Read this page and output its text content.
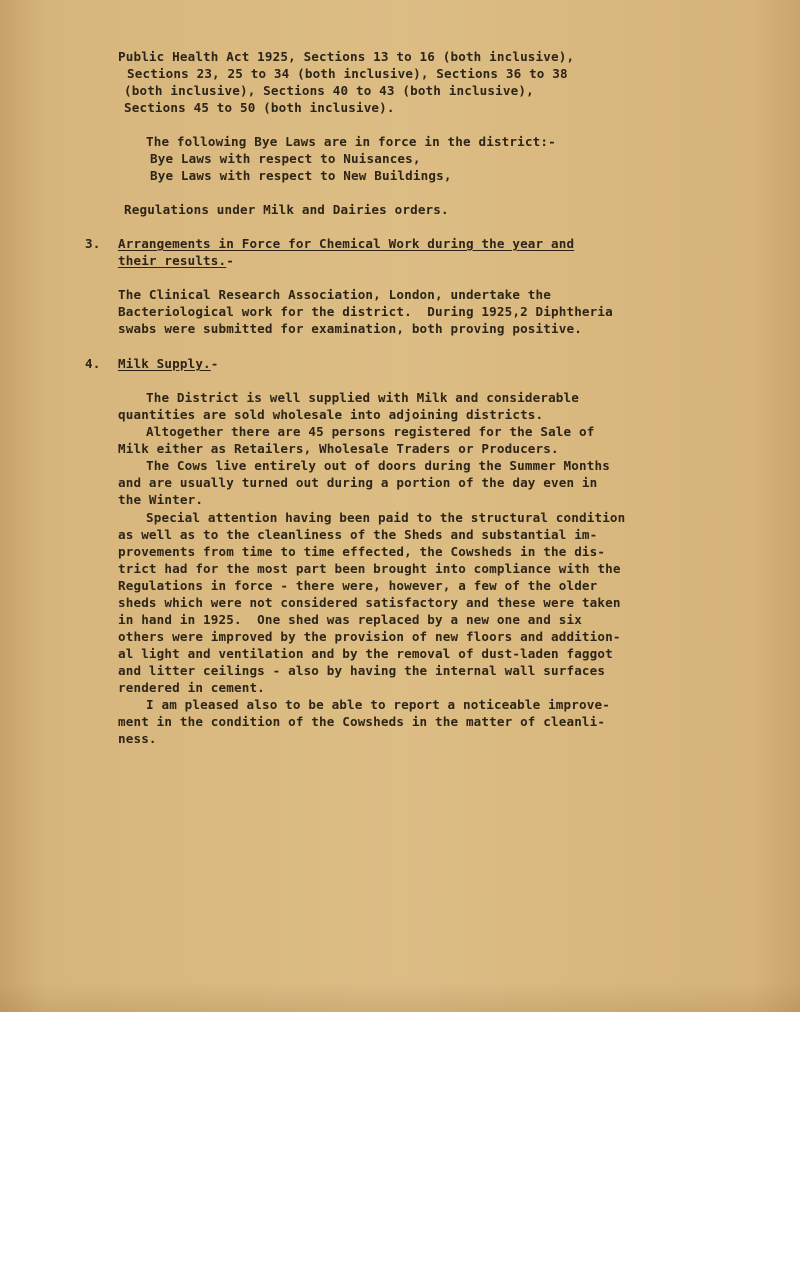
Public Health Act 1925, Sections 13 to 16 (both inclusive),

Sections 23, 25 to 34 (both inclusive), Sections 36 to 38

(both inclusive), Sections 40 to 43 (both inclusive),

Sections 45 to 50 (both inclusive).

The following Bye Laws are in force in the district:-

Bye Laws with respect to Nuisances,

Bye Laws with respect to New Buildings,

Regulations under Milk and Dairies orders.

3.

Arrangements in Force for Chemical Work during the year and

their results.-

The Clinical Research Association, London, undertake the

Bacteriological work for the district.  During 1925,2 Diphtheria

swabs were submitted for examination, both proving positive.

4.

Milk Supply.-

The District is well supplied with Milk and considerable

quantities are sold wholesale into adjoining districts.

Altogether there are 45 persons registered for the Sale of

Milk either as Retailers, Wholesale Traders or Producers.

The Cows live entirely out of doors during the Summer Months

and are usually turned out during a portion of the day even in

the Winter.

Special attention having been paid to the structural condition

as well as to the cleanliness of the Sheds and substantial im-

provements from time to time effected, the Cowsheds in the dis-

trict had for the most part been brought into compliance with the

Regulations in force - there were, however, a few of the older

sheds which were not considered satisfactory and these were taken

in hand in 1925.  One shed was replaced by a new one and six

others were improved by the provision of new floors and addition-

al light and ventilation and by the removal of dust-laden faggot

and litter ceilings - also by having the internal wall surfaces

rendered in cement.

I am pleased also to be able to report a noticeable improve-

ment in the condition of the Cowsheds in the matter of cleanli-

ness.
